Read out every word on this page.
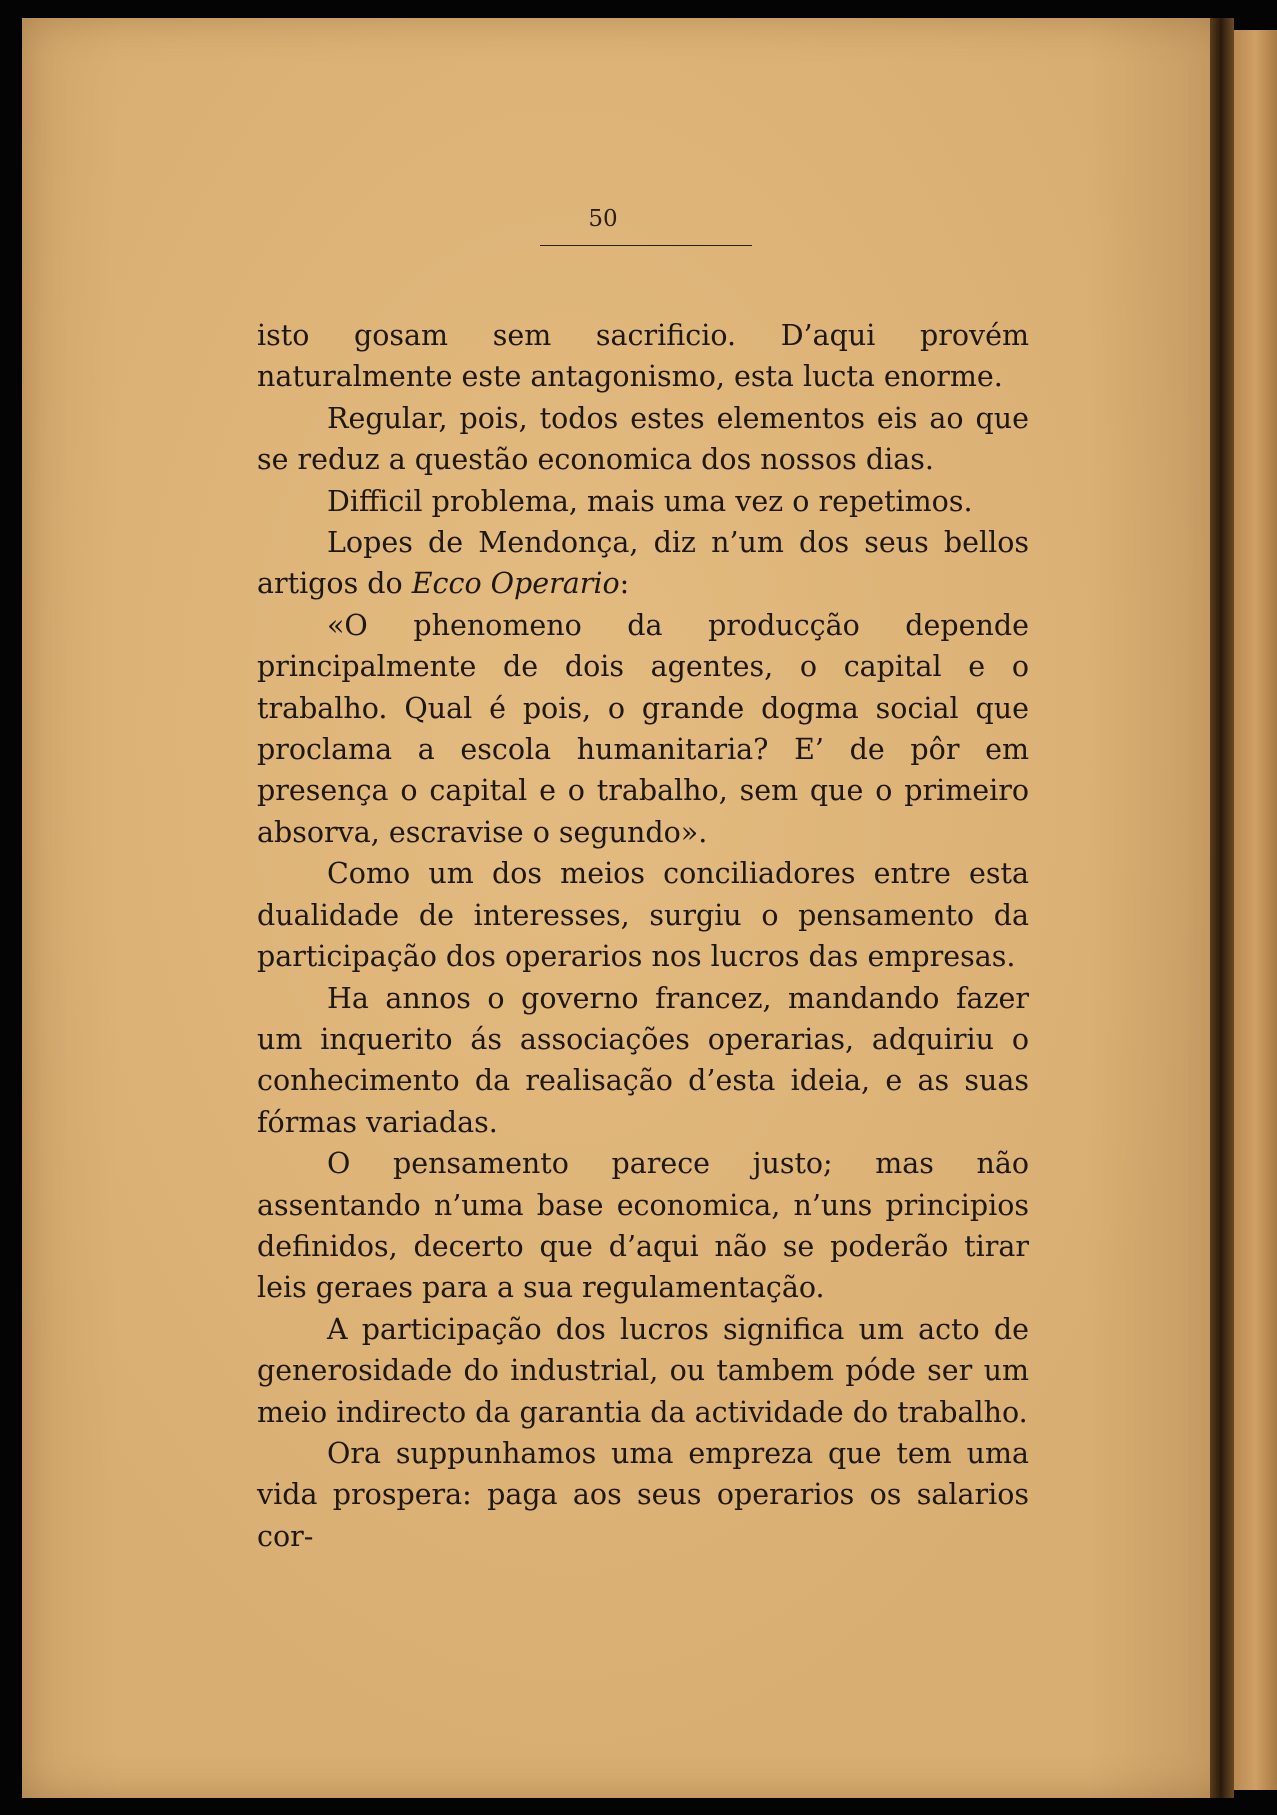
50

isto gosam sem sacrificio. D’aqui provém naturalmente este antagonismo, esta lucta enorme.

Regular, pois, todos estes elementos eis ao que se reduz a questão economica dos nossos dias.

Difficil problema, mais uma vez o repetimos.

Lopes de Mendonça, diz n’um dos seus bellos artigos do Ecco Operario:

«O phenomeno da producção depende principalmente de dois agentes, o capital e o trabalho. Qual é pois, o grande dogma social que proclama a escola humanitaria? E’ de pôr em presença o capital e o trabalho, sem que o primeiro absorva, escravise o segundo».

Como um dos meios conciliadores entre esta dualidade de interesses, surgiu o pensamento da participação dos operarios nos lucros das empresas.

Ha annos o governo francez, mandando fazer um inquerito ás associações operarias, adquiriu o conhecimento da realisação d’esta ideia, e as suas fórmas variadas.

O pensamento parece justo; mas não assentando n’uma base economica, n’uns principios definidos, decerto que d’aqui não se poderão tirar leis geraes para a sua regulamentação.

A participação dos lucros significa um acto de generosidade do industrial, ou tambem póde ser um meio indirecto da garantia da actividade do trabalho.

Ora suppunhamos uma empreza que tem uma vida prospera: paga aos seus operarios os salarios cor-
